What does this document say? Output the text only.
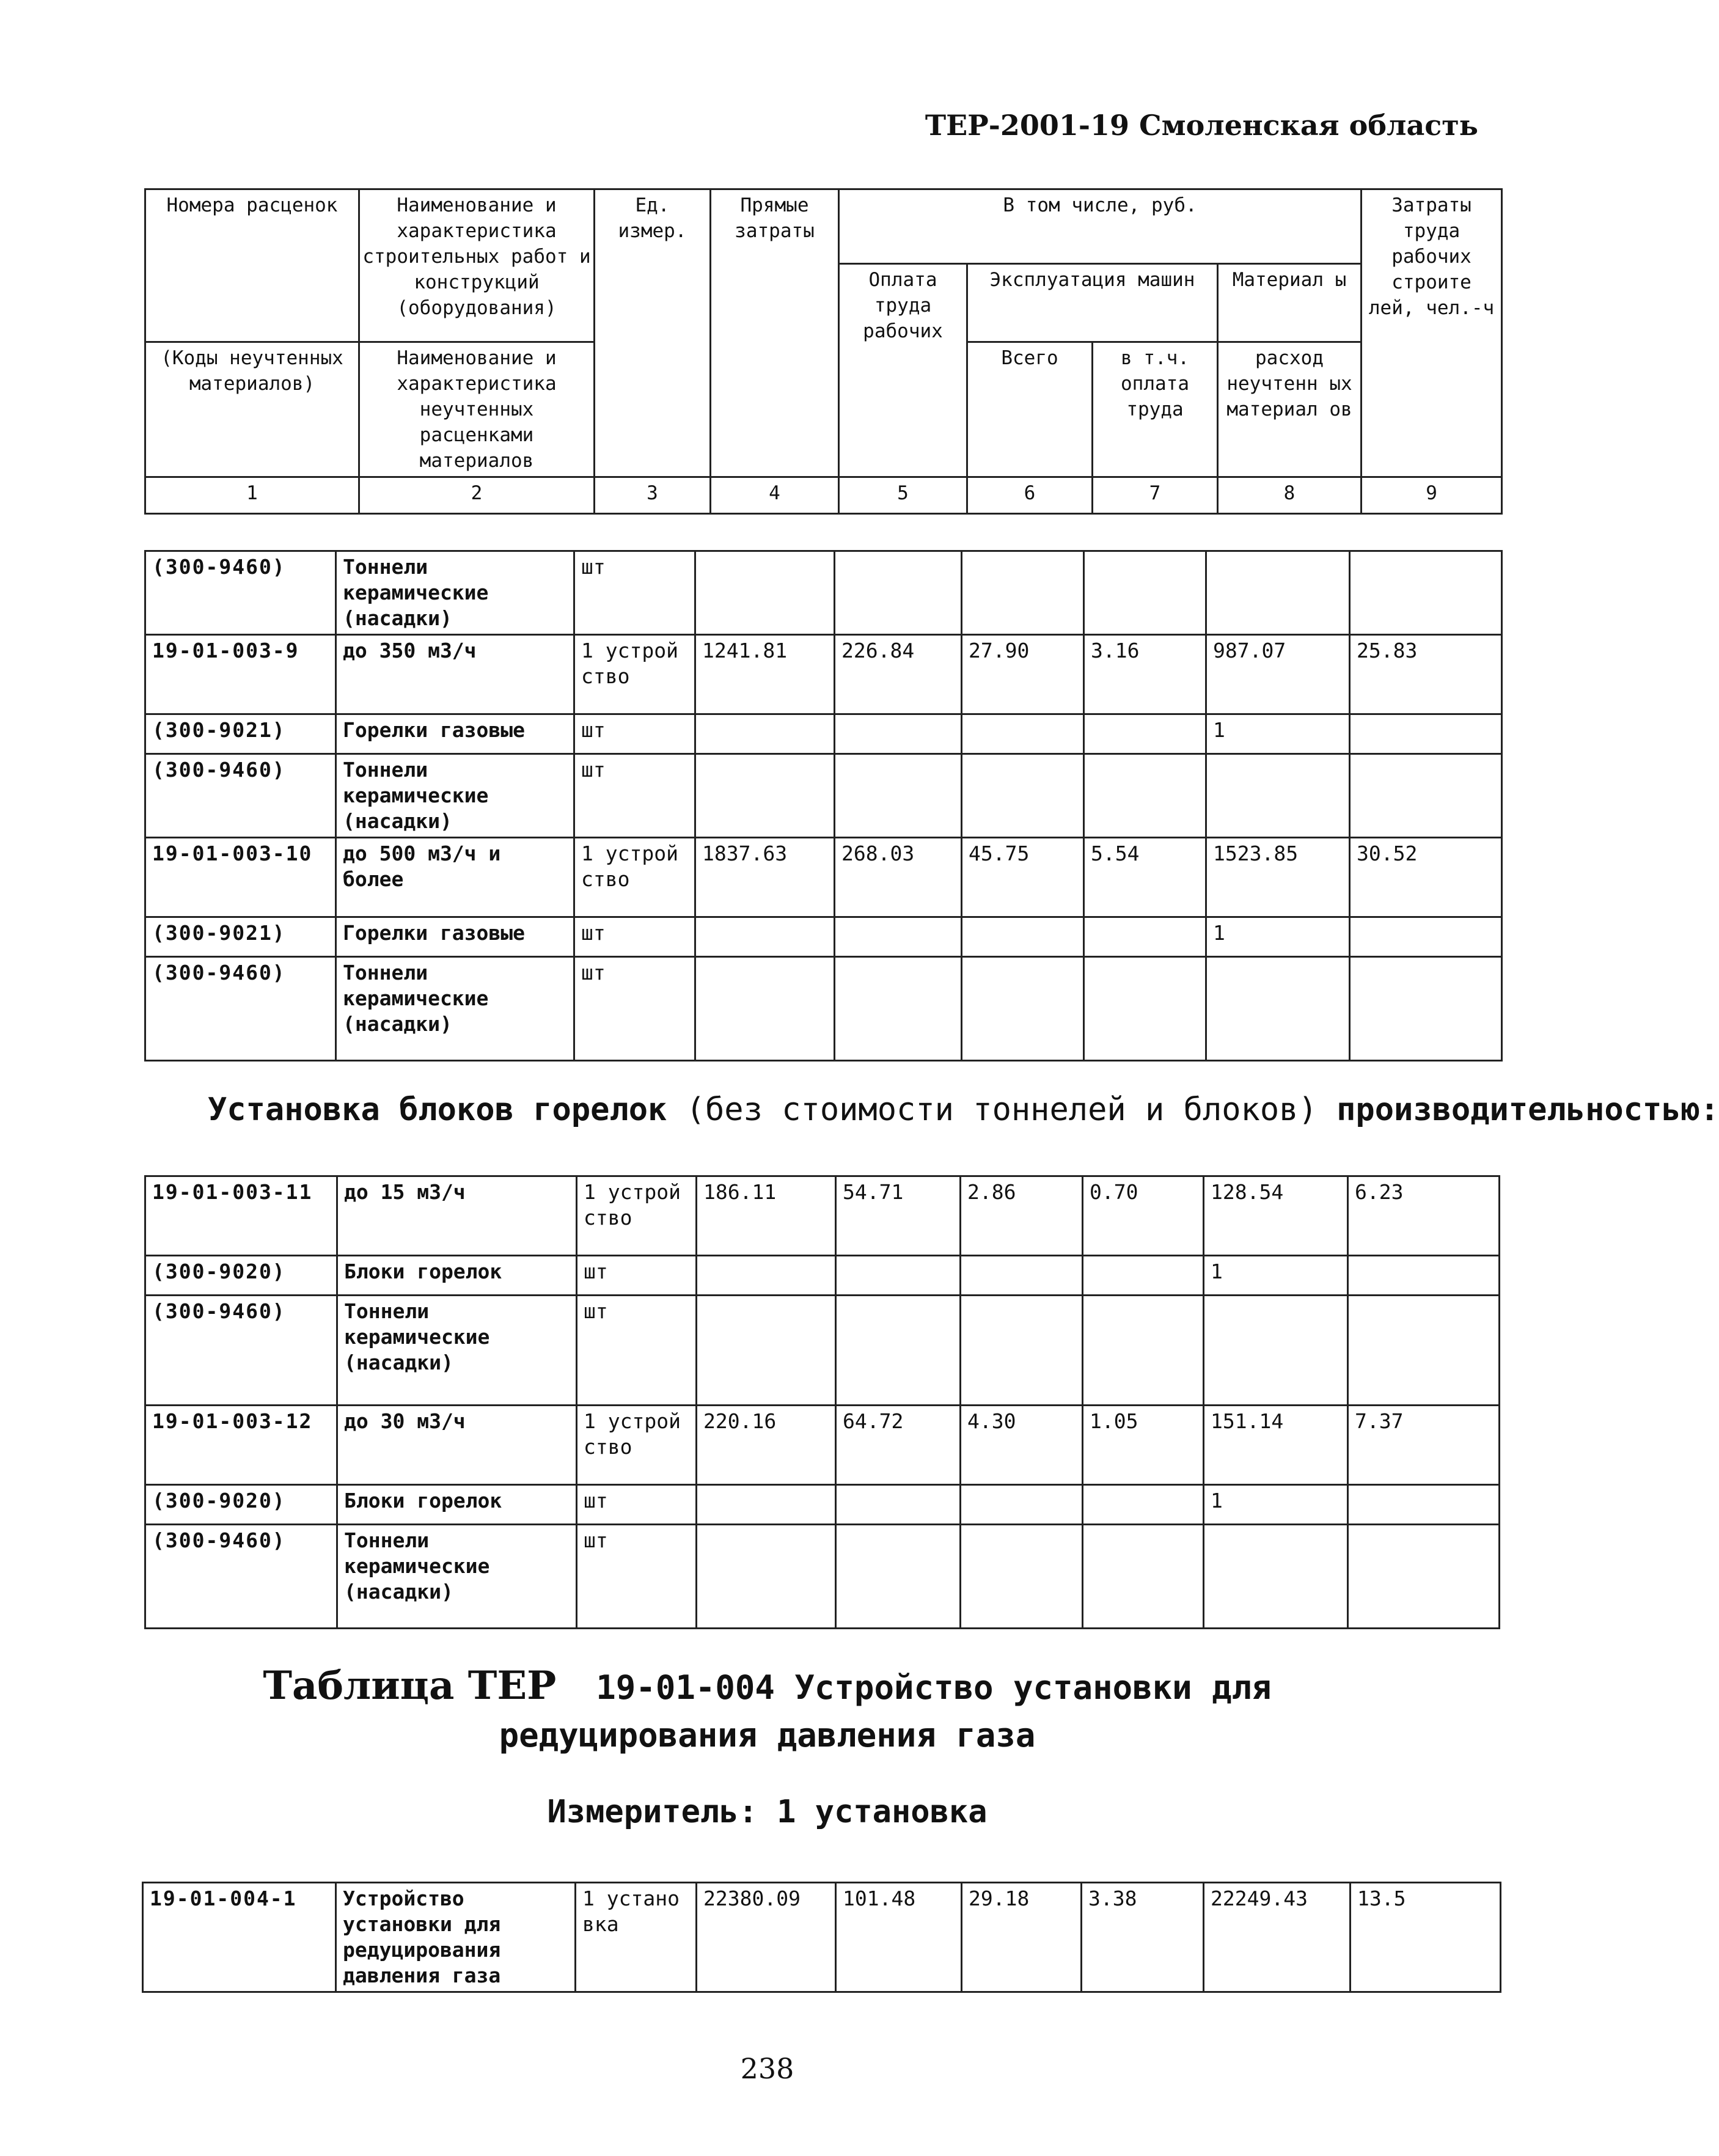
ТЕР-2001-19 Смоленская область
Номера расценок	Наименование и характеристика строительных работ и конструкций (оборудования)	Ед. измер.	Прямые затраты	В том числе, руб.				Затраты труда рабочих строите лей, чел.-ч
				Оплата труда рабочих	Эксплуатация машин		Материал ы	
(Коды неучтенных материалов)	Наименование и характеристика неучтенных расценками материалов				Всего	в т.ч. оплата труда	расход неучтенн ых материал ов	

1	2	3	4	5	6	7	8	9
(300-9460)	Тоннели керамические (насадки)	шт						
19-01-003-9	до 350 м3/ч	1 устрой ство	1241.81	226.84	27.90	3.16	987.07	25.83
(300-9021)	Горелки газовые	шт					1	
(300-9460)	Тоннели керамические (насадки)	шт						
19-01-003-10	до 500 м3/ч и более	1 устрой ство	1837.63	268.03	45.75	5.54	1523.85	30.52
(300-9021)	Горелки газовые	шт					1	
(300-9460)	Тоннели керамические (насадки)	шт						
Установка блоков горелок (без стоимости тоннелей и блоков) производительностью:
19-01-003-11	до 15 м3/ч	1 устрой ство	186.11	54.71	2.86	0.70	128.54	6.23
(300-9020)	Блоки горелок	шт					1	
(300-9460)	Тоннели керамические (насадки)	шт						
19-01-003-12	до 30 м3/ч	1 устрой ство	220.16	64.72	4.30	1.05	151.14	7.37
(300-9020)	Блоки горелок	шт					1	
(300-9460)	Тоннели керамические (насадки)	шт						
Таблица ТЕР 19-01-004 Устройство установки для
редуцирования давления газа
Измеритель: 1 установка
19-01-004-1	Устройство установки для редуцирования давления газа	1 устано вка	22380.09	101.48	29.18	3.38	22249.43	13.5
238
